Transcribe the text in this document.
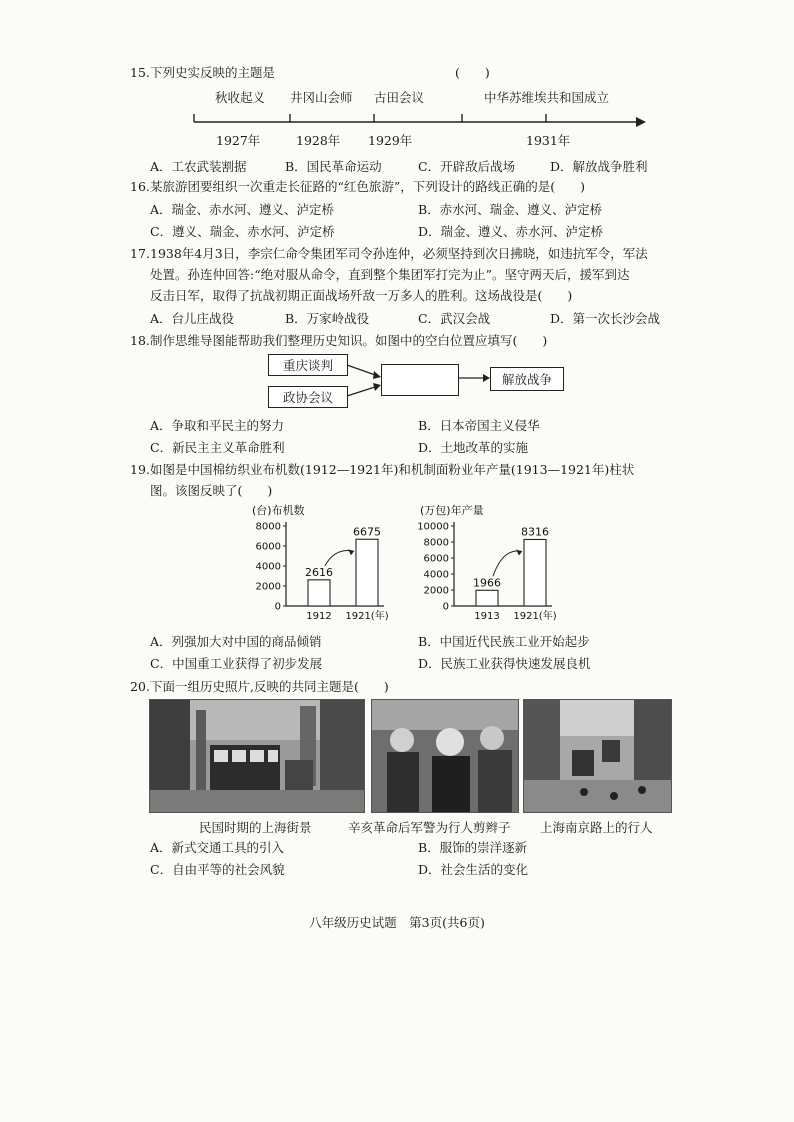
15.下列史实反映的主题是	(　　)
秋收起义 井冈山会师 古田会议	中华苏维埃共和国成立
1927年	1928年 1929年	1931年
A．工农武装割据	B．国民革命运动	C．开辟敌后战场	D．解放战争胜利
16.某旅游团要组织一次重走长征路的“红色旅游”，下列设计的路线正确的是(　　)
A．瑞金、赤水河、遵义、泸定桥	B．赤水河、瑞金、遵义、泸定桥
C．遵义、瑞金、赤水河、泸定桥	D．瑞金、遵义、赤水河、泸定桥
17.1938年4月3日，李宗仁命令集团军司令孙连仲，必须坚持到次日拂晓，如违抗军令，军法
处置。孙连仲回答:“绝对服从命令，直到整个集团军打完为止”。坚守两天后，援军到达
反击日军，取得了抗战初期正面战场歼敌一万多人的胜利。这场战役是(　　)
A．台儿庄战役	B．万家岭战役	C．武汉会战	D．第一次长沙会战
18.制作思维导图能帮助我们整理历史知识。如图中的空白位置应填写(　　)
重庆谈判
政协会议
解放战争
A．争取和平民主的努力	B．日本帝国主义侵华
C．新民主主义革命胜利	D．土地改革的实施
19.如图是中国棉纺织业布机数(1912—1921年)和机制面粉业年产量(1913—1921年)柱状
图。该图反映了(　　)
(台)布机数
0
2000
4000
6000
8000
2616
1912
6675
1921(年)
(万包)年产量
0
2000
4000
6000
8000
10000
1966
1913
8316
1921(年)
A．列强加大对中国的商品倾销	B．中国近代民族工业开始起步
C．中国重工业获得了初步发展	D．民族工业获得快速发展良机
20.下面一组历史照片,反映的共同主题是(　　)
民国时期的上海街景	辛亥革命后军警为行人剪辫子 上海南京路上的行人
A．新式交通工具的引入	B．服饰的崇洋逐新
C．自由平等的社会风貌	D．社会生活的变化
八年级历史试题　第3页(共6页)
